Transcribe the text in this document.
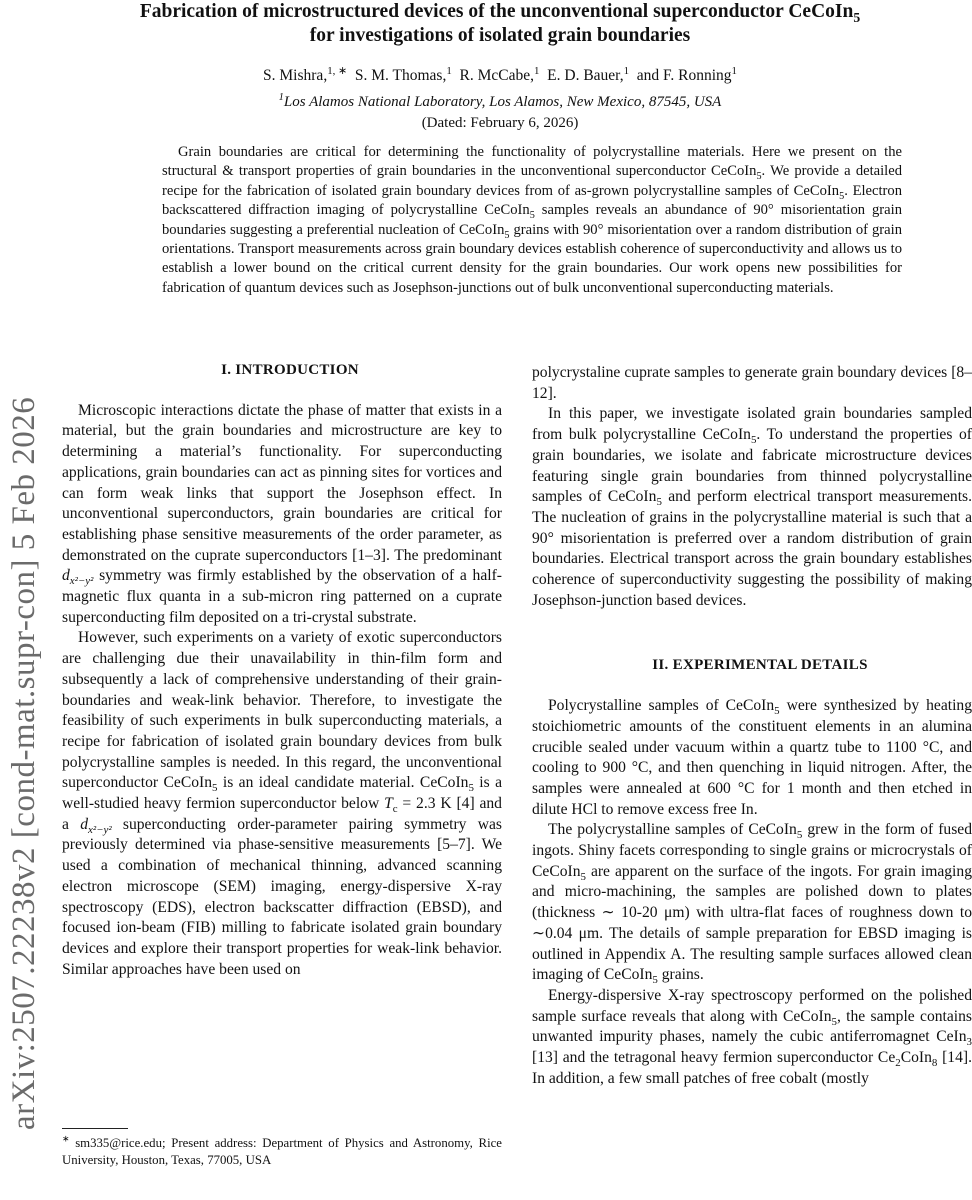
arXiv:2507.22238v2 [cond-mat.supr-con] 5 Feb 2026
Fabrication of microstructured devices of the unconventional superconductor CeCoIn$_5$
for investigations of isolated grain boundaries
S. Mishra,$^{1, ∗}$ S. M. Thomas,$^1$ R. McCabe,$^1$ E. D. Bauer,$^1$ and F. Ronning$^1$
$^1$Los Alamos National Laboratory, Los Alamos, New Mexico, 87545, USA
(Dated: February 6, 2026)

Grain boundaries are critical for determining the functionality of polycrystalline materials. Here we present on the structural & transport properties of grain boundaries in the unconventional superconductor CeCoIn$_5$. We provide a detailed recipe for the fabrication of isolated grain boundary devices from of as-grown polycrystalline samples of CeCoIn$_5$. Electron backscattered diffraction imaging of polycrystalline CeCoIn$_5$ samples reveals an abundance of 90° misorientation grain boundaries suggesting a preferential nucleation of CeCoIn$_5$ grains with 90° misorientation over a random distribution of grain orientations. Transport measurements across grain boundary devices establish coherence of superconductivity and allows us to establish a lower bound on the critical current density for the grain boundaries. Our work opens new possibilities for fabrication of quantum devices such as Josephson-junctions out of bulk unconventional superconducting materials.

I. INTRODUCTION

Microscopic interactions dictate the phase of matter that exists in a material, but the grain boundaries and microstructure are key to determining a material’s functionality. For superconducting applications, grain boundaries can act as pinning sites for vortices and can form weak links that support the Josephson effect. In unconventional superconductors, grain boundaries are critical for establishing phase sensitive measurements of the order parameter, as demonstrated on the cuprate superconductors [1–3]. The predominant $d_{x^2-y^2}$ symmetry was firmly established by the observation of a half-magnetic flux quanta in a sub-micron ring patterned on a cuprate superconducting film deposited on a tri-crystal substrate.

However, such experiments on a variety of exotic superconductors are challenging due their unavailability in thin-film form and subsequently a lack of comprehensive understanding of their grain-boundaries and weak-link behavior. Therefore, to investigate the feasibility of such experiments in bulk superconducting materials, a recipe for fabrication of isolated grain boundary devices from bulk polycrystalline samples is needed. In this regard, the unconventional superconductor CeCoIn$_5$ is an ideal candidate material. CeCoIn$_5$ is a well-studied heavy fermion superconductor below $T_c = 2.3$ K [4] and a $d_{x^2-y^2}$ superconducting order-parameter pairing symmetry was previously determined via phase-sensitive measurements [5–7]. We used a combination of mechanical thinning, advanced scanning electron microscope (SEM) imaging, energy-dispersive X-ray spectroscopy (EDS), electron backscatter diffraction (EBSD), and focused ion-beam (FIB) milling to fabricate isolated grain boundary devices and explore their transport properties for weak-link behavior. Similar approaches have been used on

polycrystaline cuprate samples to generate grain boundary devices [8–12].

In this paper, we investigate isolated grain boundaries sampled from bulk polycrystalline CeCoIn$_5$. To understand the properties of grain boundaries, we isolate and fabricate microstructure devices featuring single grain boundaries from thinned polycrystalline samples of CeCoIn$_5$ and perform electrical transport measurements. The nucleation of grains in the polycrystalline material is such that a 90° misorientation is preferred over a random distribution of grain boundaries. Electrical transport across the grain boundary establishes coherence of superconductivity suggesting the possibility of making Josephson-junction based devices.

II. EXPERIMENTAL DETAILS

Polycrystalline samples of CeCoIn$_5$ were synthesized by heating stoichiometric amounts of the constituent elements in an alumina crucible sealed under vacuum within a quartz tube to 1100 °C, and cooling to 900 °C, and then quenching in liquid nitrogen. After, the samples were annealed at 600 °C for 1 month and then etched in dilute HCl to remove excess free In.

The polycrystalline samples of CeCoIn$_5$ grew in the form of fused ingots. Shiny facets corresponding to single grains or microcrystals of CeCoIn$_5$ are apparent on the surface of the ingots. For grain imaging and micro-machining, the samples are polished down to plates (thickness ∼ 10-20 μm) with ultra-flat faces of roughness down to ∼0.04 μm. The details of sample preparation for EBSD imaging is outlined in Appendix A. The resulting sample surfaces allowed clean imaging of CeCoIn$_5$ grains.

Energy-dispersive X-ray spectroscopy performed on the polished sample surface reveals that along with CeCoIn$_5$, the sample contains unwanted impurity phases, namely the cubic antiferromagnet CeIn$_3$ [13] and the tetragonal heavy fermion superconductor $Ce_2CoIn_8$ [14]. In addition, a few small patches of free cobalt (mostly

∗ sm335@rice.edu; Present address: Department of Physics and Astronomy, Rice University, Houston, Texas, 77005, USA
